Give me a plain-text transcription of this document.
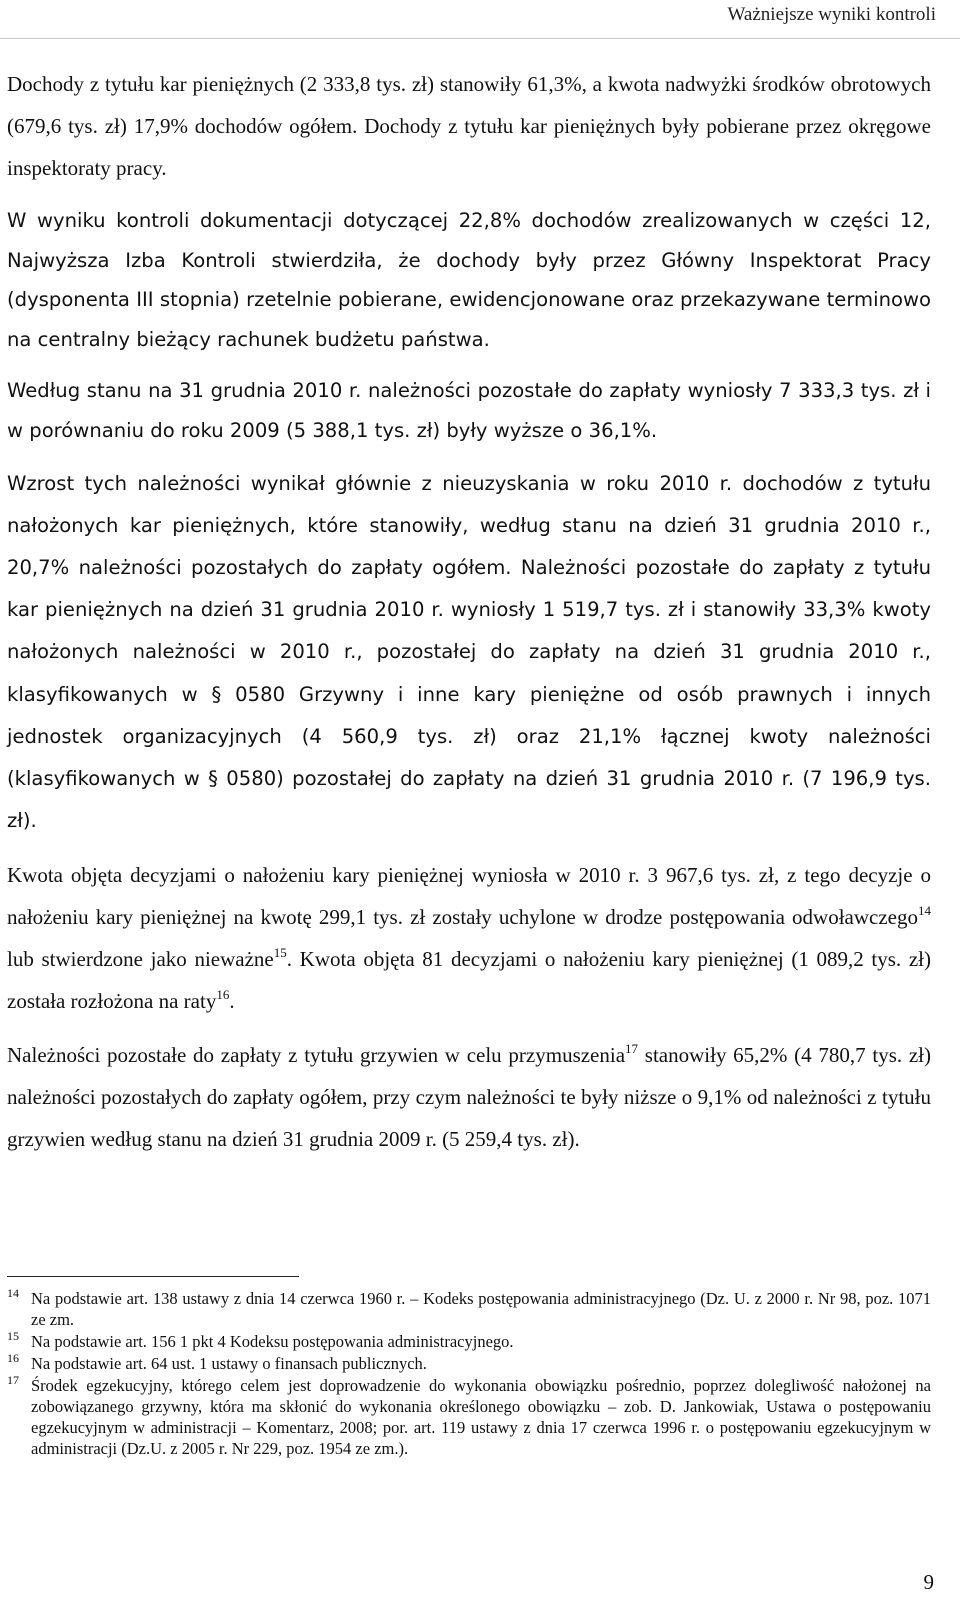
Ważniejsze wyniki kontroli

Dochody z tytułu kar pieniężnych (2 333,8 tys. zł) stanowiły 61,3%, a kwota nadwyżki środków obrotowych (679,6 tys. zł) 17,9% dochodów ogółem. Dochody z tytułu kar pieniężnych były pobierane przez okręgowe inspektoraty pracy.

W wyniku kontroli dokumentacji dotyczącej 22,8% dochodów zrealizowanych w części 12, Najwyższa Izba Kontroli stwierdziła, że dochody były przez Główny Inspektorat Pracy (dysponenta III stopnia) rzetelnie pobierane, ewidencjonowane oraz przekazywane terminowo na centralny bieżący rachunek budżetu państwa.

Według stanu na 31 grudnia 2010 r. należności pozostałe do zapłaty wyniosły 7 333,3 tys. zł i w porównaniu do roku 2009 (5 388,1 tys. zł) były wyższe o 36,1%.

Wzrost tych należności wynikał głównie z nieuzyskania w roku 2010 r. dochodów z tytułu nałożonych kar pieniężnych, które stanowiły, według stanu na dzień 31 grudnia 2010 r., 20,7% należności pozostałych do zapłaty ogółem. Należności pozostałe do zapłaty z tytułu kar pieniężnych na dzień 31 grudnia 2010 r. wyniosły 1 519,7 tys. zł i stanowiły 33,3% kwoty nałożonych należności w 2010 r., pozostałej do zapłaty na dzień 31 grudnia 2010 r., klasyfikowanych w § 0580 Grzywny i inne kary pieniężne od osób prawnych i innych jednostek organizacyjnych (4 560,9 tys. zł) oraz 21,1% łącznej kwoty należności (klasyfikowanych w § 0580) pozostałej do zapłaty na dzień 31 grudnia 2010 r. (7 196,9 tys. zł).

Kwota objęta decyzjami o nałożeniu kary pieniężnej wyniosła w 2010 r. 3 967,6 tys. zł, z tego decyzje o nałożeniu kary pieniężnej na kwotę 299,1 tys. zł zostały uchylone w drodze postępowania odwoławczego$^{14}$ lub stwierdzone jako nieważne$^{15}$. Kwota objęta 81 decyzjami o nałożeniu kary pieniężnej (1 089,2 tys. zł) została rozłożona na raty$^{16}$.

Należności pozostałe do zapłaty z tytułu grzywien w celu przymuszenia$^{17}$ stanowiły 65,2% (4 780,7 tys. zł) należności pozostałych do zapłaty ogółem, przy czym należności te były niższe o 9,1% od należności z tytułu grzywien według stanu na dzień 31 grudnia 2009 r. (5 259,4 tys. zł).

14 Na podstawie art. 138 ustawy z dnia 14 czerwca 1960 r. – Kodeks postępowania administracyjnego (Dz. U. z 2000 r. Nr 98, poz. 1071 ze zm.
15 Na podstawie art. 156 1 pkt 4 Kodeksu postępowania administracyjnego.
16 Na podstawie art. 64 ust. 1 ustawy o finansach publicznych.
17 Środek egzekucyjny, którego celem jest doprowadzenie do wykonania obowiązku pośrednio, poprzez dolegliwość nałożonej na zobowiązanego grzywny, która ma skłonić do wykonania określonego obowiązku – zob. D. Jankowiak, Ustawa o postępowaniu egzekucyjnym w administracji – Komentarz, 2008; por. art. 119 ustawy z dnia 17 czerwca 1996 r. o postępowaniu egzekucyjnym w administracji (Dz.U. z 2005 r. Nr 229, poz. 1954 ze zm.).
9
